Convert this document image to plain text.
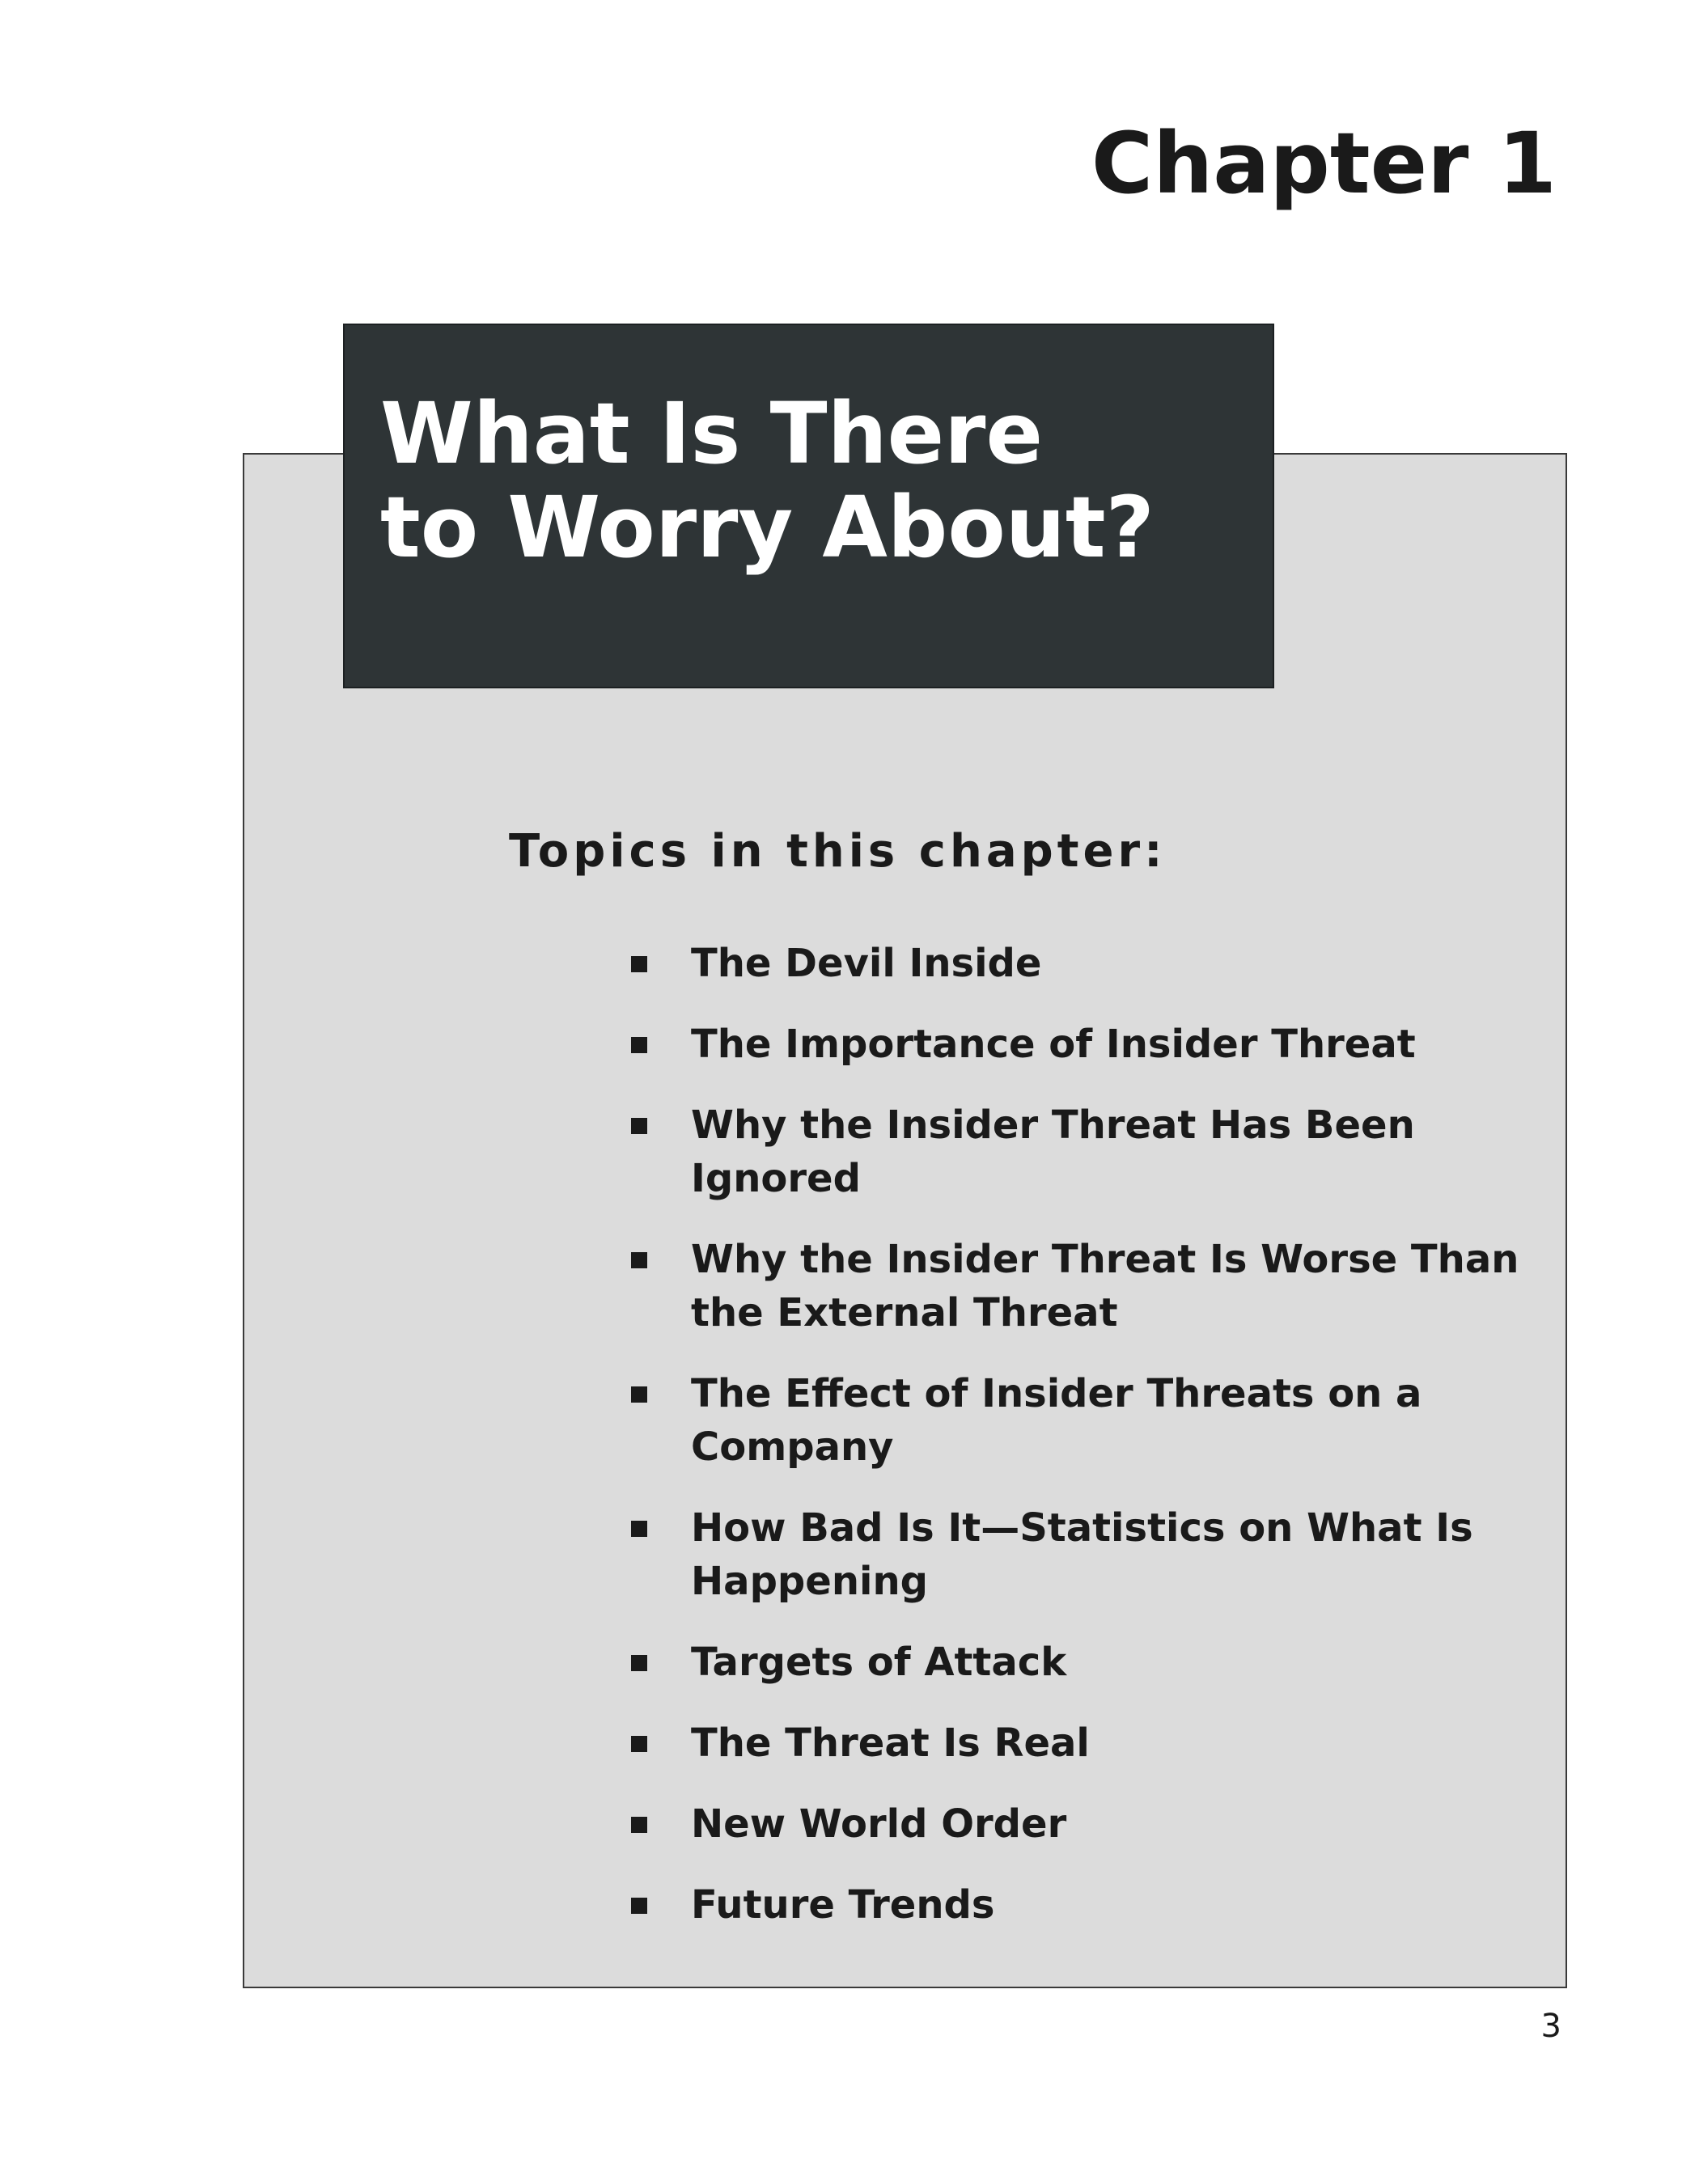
Chapter 1
What Is There
to Worry About?
Topics in this chapter:
The Devil Inside
The Importance of Insider Threat
Why the Insider Threat Has Been Ignored
Why the Insider Threat Is Worse Than the External Threat
The Effect of Insider Threats on a Company
How Bad Is It—Statistics on What Is Happening
Targets of Attack
The Threat Is Real
New World Order
Future Trends

3
